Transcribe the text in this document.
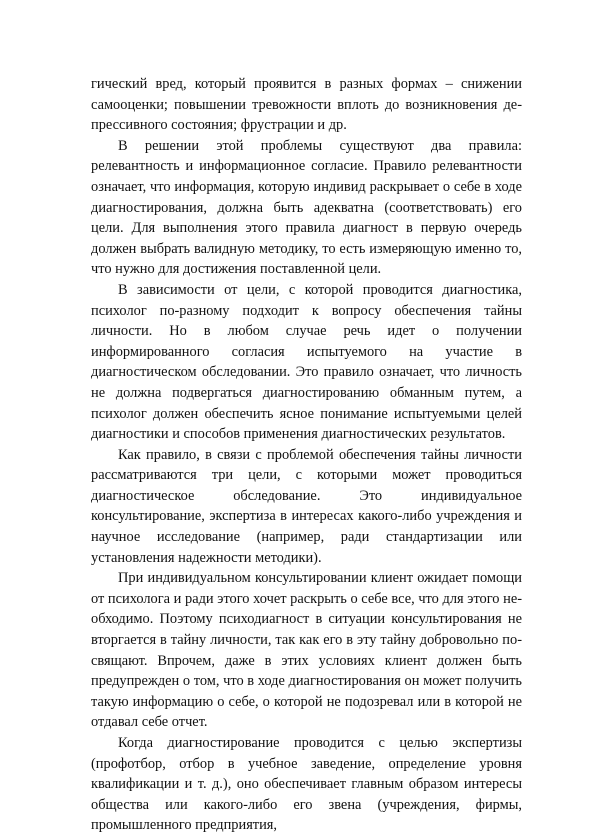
гический вред, который проявится в разных формах – снижении самооценки; повышении тревожности вплоть до возникновения депрессивного состояния; фрустрации и др.

В решении этой проблемы существуют два правила: релевантность и информационное согласие. Правило релевантности означает, что информация, которую индивид раскрывает о себе в ходе диагностирования, должна быть адекватна (соответствовать) его цели. Для выполнения этого правила диагност в первую очередь должен выбрать валидную методику, то есть измеряющую именно то, что нужно для достижения поставленной цели.

В зависимости от цели, с которой проводится диагностика, психолог по-разному подходит к вопросу обеспечения тайны личности. Но в любом случае речь идет о получении информированного согласия испытуемого на участие в диагностическом обследовании. Это правило означает, что личность не должна подвергаться диагностированию обманным путем, а психолог должен обеспечить ясное понимание испытуемыми целей диагностики и способов применения диагностических результатов.

Как правило, в связи с проблемой обеспечения тайны личности рассматриваются три цели, с которыми может проводиться диагностическое обследование. Это индивидуальное консультирование, экспертиза в интересах какого-либо учреждения и научное исследование (например, ради стандартизации или установления надежности методики).

При индивидуальном консультировании клиент ожидает помощи от психолога и ради этого хочет раскрыть о себе все, что для этого необходимо. Поэтому психодиагност в ситуации консультирования не вторгается в тайну личности, так как его в эту тайну добровольно посвящают. Впрочем, даже в этих условиях клиент должен быть предупрежден о том, что в ходе диагностирования он может получить такую информацию о себе, о которой не подозревал или в которой не отдавал себе отчет.

Когда диагностирование проводится с целью экспертизы (профотбор, отбор в учебное заведение, определение уровня квалификации и т. д.), оно обеспечивает главным образом интересы общества или какого-либо его звена (учреждения, фирмы, промышленного предприятия,
